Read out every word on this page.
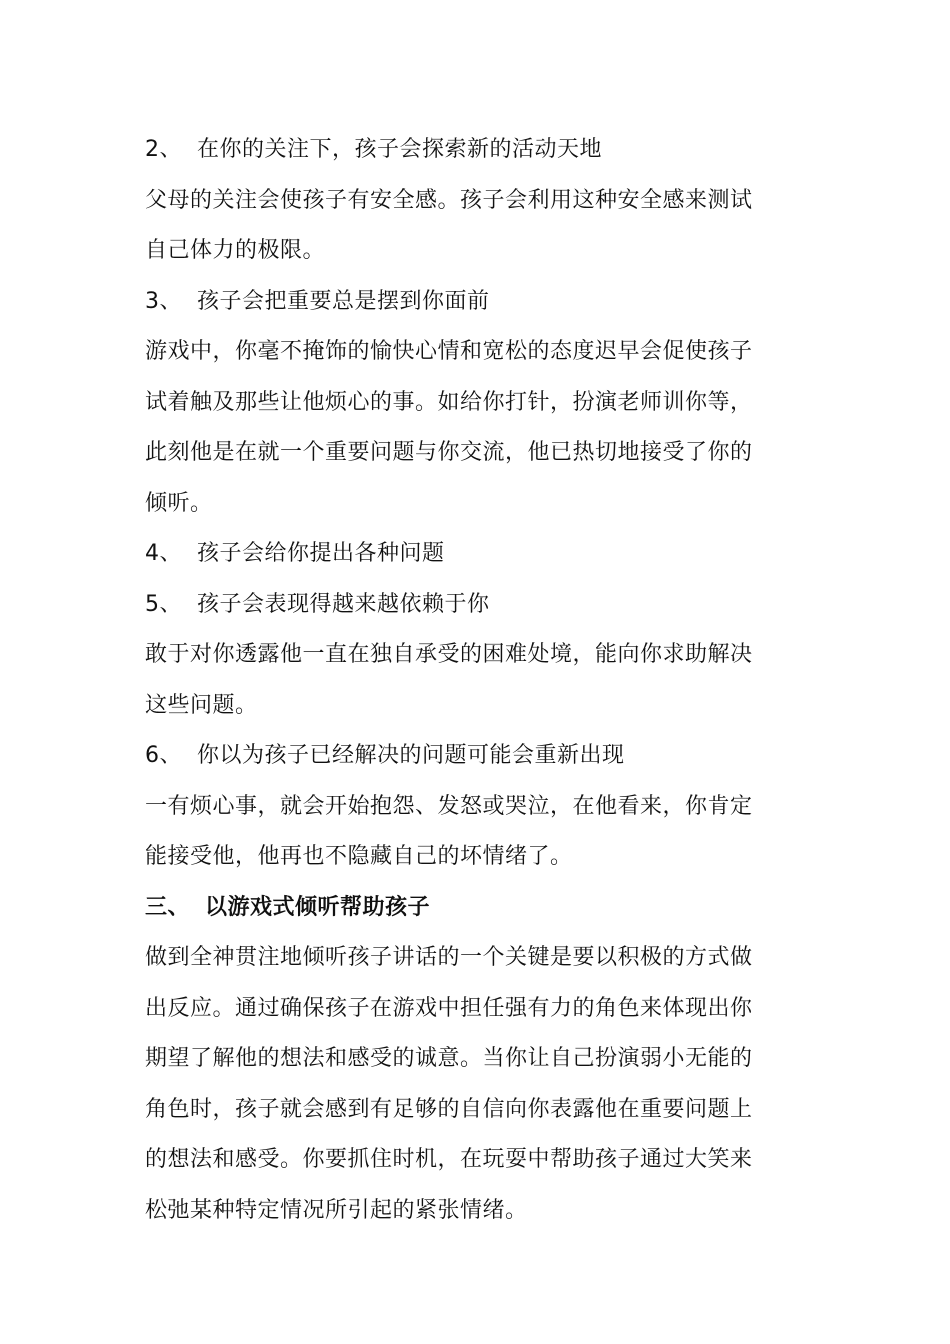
2、 在你的关注下，孩子会探索新的活动天地
父母的关注会使孩子有安全感。孩子会利用这种安全感来测试
自己体力的极限。
3、 孩子会把重要总是摆到你面前
游戏中，你毫不掩饰的愉快心情和宽松的态度迟早会促使孩子
试着触及那些让他烦心的事。如给你打针，扮演老师训你等，
此刻他是在就一个重要问题与你交流，他已热切地接受了你的
倾听。
4、 孩子会给你提出各种问题
5、 孩子会表现得越来越依赖于你
敢于对你透露他一直在独自承受的困难处境，能向你求助解决
这些问题。
6、 你以为孩子已经解决的问题可能会重新出现
一有烦心事，就会开始抱怨、发怒或哭泣，在他看来，你肯定
能接受他，他再也不隐藏自己的坏情绪了。
三、 以游戏式倾听帮助孩子
做到全神贯注地倾听孩子讲话的一个关键是要以积极的方式做
出反应。通过确保孩子在游戏中担任强有力的角色来体现出你
期望了解他的想法和感受的诚意。当你让自己扮演弱小无能的
角色时，孩子就会感到有足够的自信向你表露他在重要问题上
的想法和感受。你要抓住时机，在玩耍中帮助孩子通过大笑来
松弛某种特定情况所引起的紧张情绪。
